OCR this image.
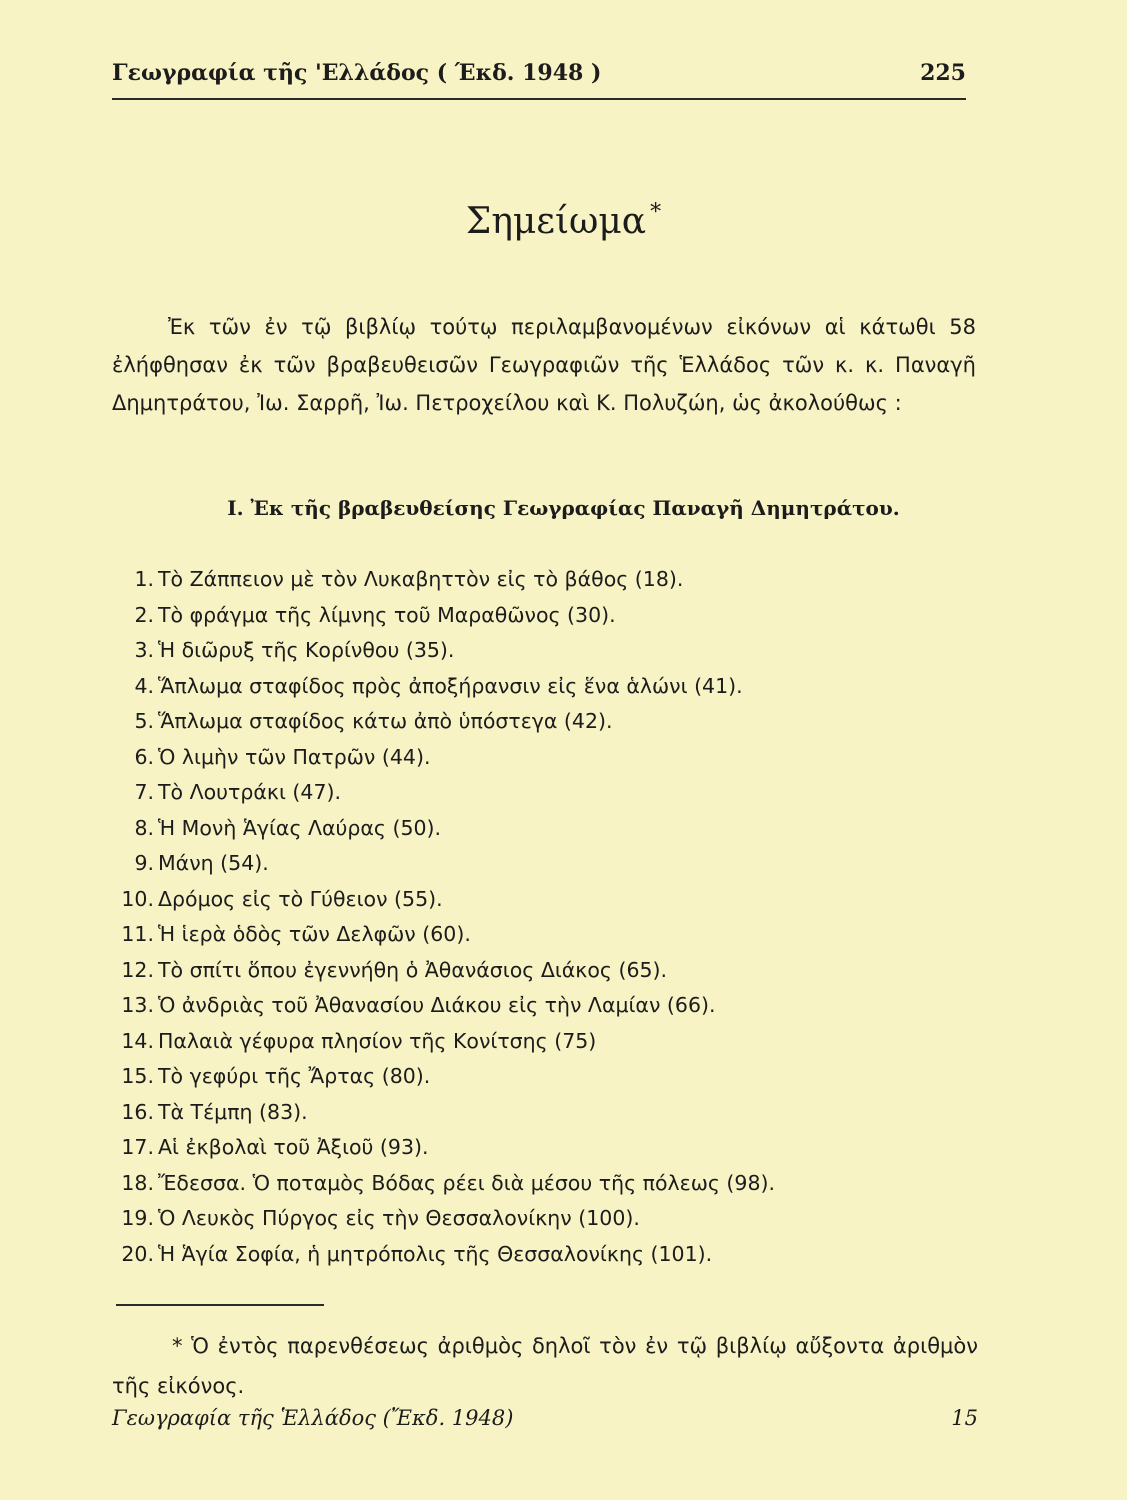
Γεωγραφία τῆς 'Ελλάδος ( Έκδ. 1948 )	225
Σημείωμα *
Ἐκ τῶν ἐν τῷ βιβλίῳ τούτῳ περιλαμβανομένων εἰκόνων αἱ κάτωθι 58 ἐλήφθησαν ἐκ τῶν βραβευθεισῶν Γεωγραφιῶν τῆς Ἑλλάδος τῶν κ. κ. Παναγῆ Δημητράτου, Ἰω. Σαρρῆ, Ἰω. Πετροχείλου καὶ Κ. Πολυζώη, ὡς ἀκολούθως :
I. Ἐκ τῆς βραβευθείσης Γεωγραφίας Παναγῆ Δημητράτου.
1. Τὸ Ζάππειον μὲ τὸν Λυκαβηττὸν εἰς τὸ βάθος (18).
2. Τὸ φράγμα τῆς λίμνης τοῦ Μαραθῶνος (30).
3. Ἡ διῶρυξ τῆς Κορίνθου (35).
4. Ἅπλωμα σταφίδος πρὸς ἀποξήρανσιν εἰς ἕνα ἁλώνι (41).
5. Ἅπλωμα σταφίδος κάτω ἀπὸ ὑπόστεγα (42).
6. Ὁ λιμὴν τῶν Πατρῶν (44).
7. Τὸ Λουτράκι (47).
8. Ἡ Μονὴ Ἁγίας Λαύρας (50).
9. Μάνη (54).
10. Δρόμος εἰς τὸ Γύθειον (55).
11. Ἡ ἱερὰ ὁδὸς τῶν Δελφῶν (60).
12. Τὸ σπίτι ὅπου ἐγεννήθη ὁ Ἀθανάσιος Διάκος (65).
13. Ὁ ἀνδριὰς τοῦ Ἀθανασίου Διάκου εἰς τὴν Λαμίαν (66).
14. Παλαιὰ γέφυρα πλησίον τῆς Κονίτσης (75)
15. Τὸ γεφύρι τῆς Ἄρτας (80).
16. Τὰ Τέμπη (83).
17. Αἱ ἐκβολαὶ τοῦ Ἀξιοῦ (93).
18. Ἔδεσσα. Ὁ ποταμὸς Βόδας ρέει διὰ μέσου τῆς πόλεως (98).
19. Ὁ Λευκὸς Πύργος εἰς τὴν Θεσσαλονίκην (100).
20. Ἡ Ἁγία Σοφία, ἡ μητρόπολις τῆς Θεσσαλονίκης (101).
* Ὁ ἐντὸς παρενθέσεως ἀριθμὸς δηλοῖ τὸν ἐν τῷ βιβλίῳ αὔξοντα ἀριθμὸν τῆς εἰκόνος.
Γεωγραφία τῆς Ἑλλάδος (Ἔκδ. 1948)	15
